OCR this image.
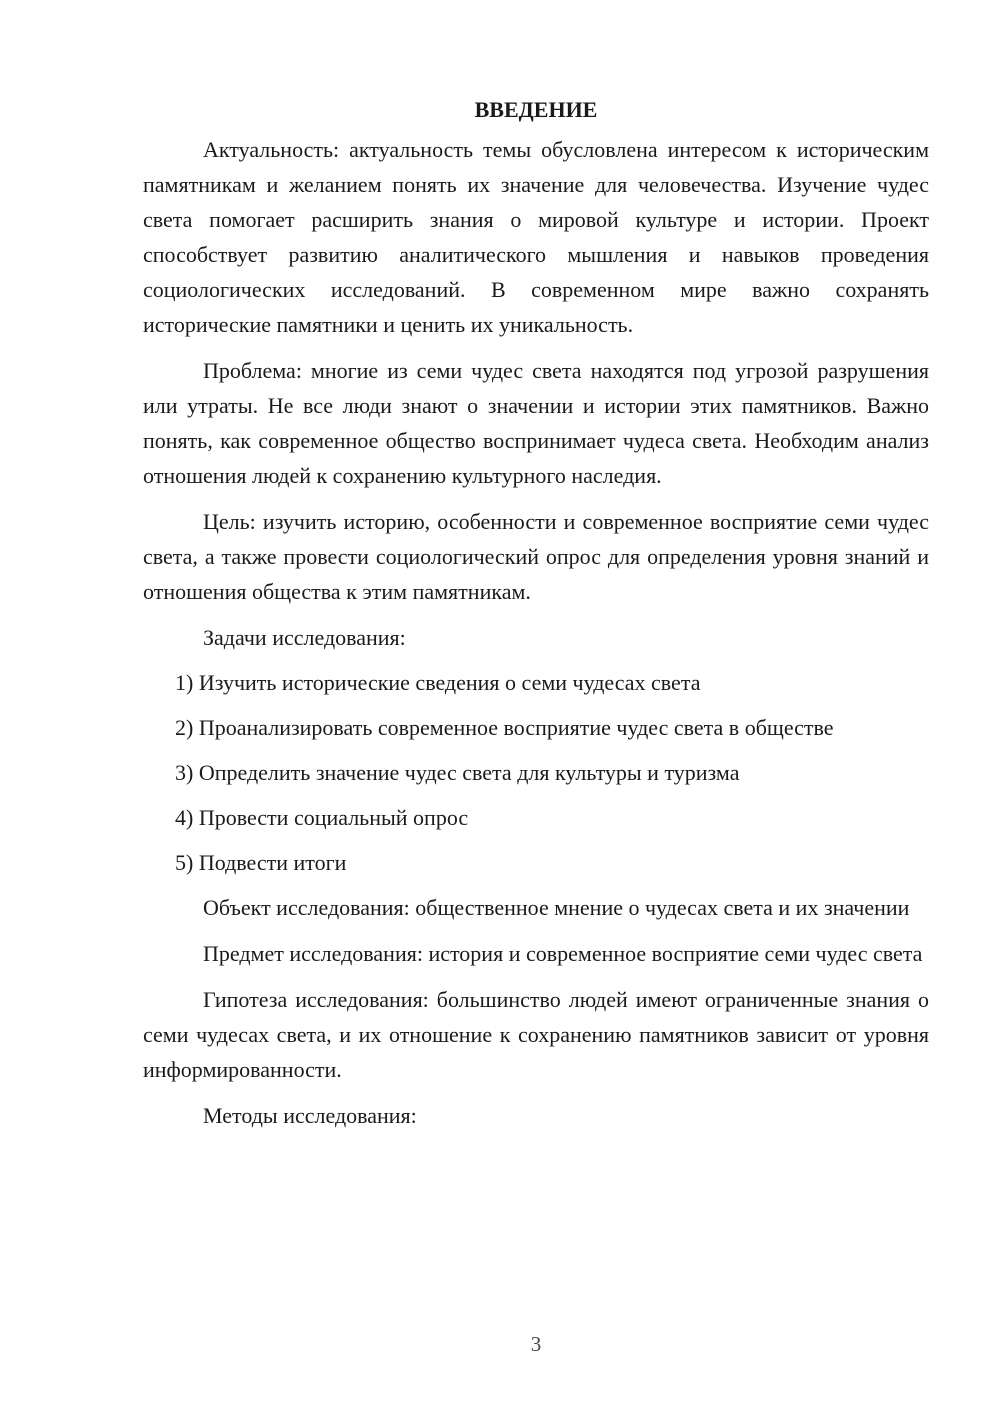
ВВЕДЕНИЕ

Актуальность: актуальность темы обусловлена интересом к историческим памятникам и желанием понять их значение для человечества. Изучение чудес света помогает расширить знания о мировой культуре и истории. Проект способствует развитию аналитического мышления и навыков проведения социологических исследований. В современном мире важно сохранять исторические памятники и ценить их уникальность.

Проблема: многие из семи чудес света находятся под угрозой разрушения или утраты. Не все люди знают о значении и истории этих памятников. Важно понять, как современное общество воспринимает чудеса света. Необходим анализ отношения людей к сохранению культурного наследия.

Цель: изучить историю, особенности и современное восприятие семи чудес света, а также провести социологический опрос для определения уровня знаний и отношения общества к этим памятникам.

Задачи исследования:

1) Изучить исторические сведения о семи чудесах света

2) Проанализировать современное восприятие чудес света в обществе

3) Определить значение чудес света для культуры и туризма

4) Провести социальный опрос

5) Подвести итоги

Объект исследования: общественное мнение о чудесах света и их значении

Предмет исследования: история и современное восприятие семи чудес света

Гипотеза исследования: большинство людей имеют ограниченные знания о семи чудесах света, и их отношение к сохранению памятников зависит от уровня информированности.

Методы исследования:

3
